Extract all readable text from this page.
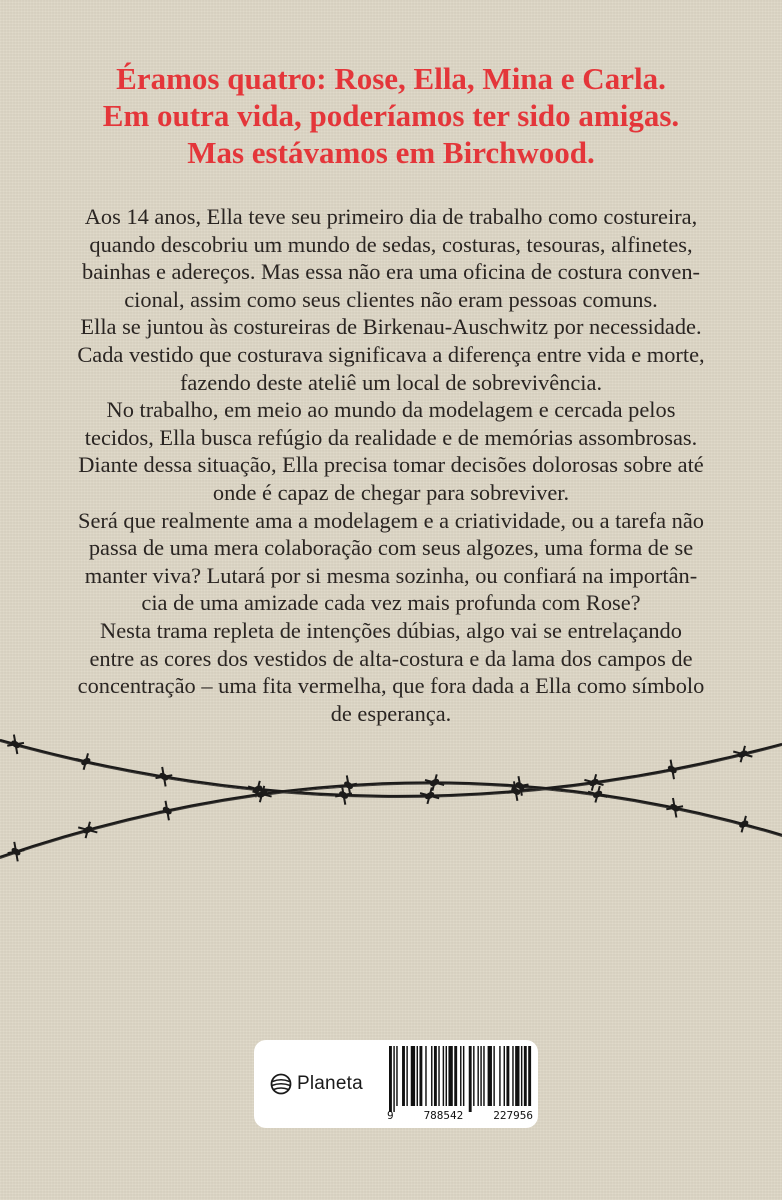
Éramos quatro: Rose, Ella, Mina e Carla.
Em outra vida, poderíamos ter sido amigas.
Mas estávamos em Birchwood.
Aos 14 anos, Ella teve seu primeiro dia de trabalho como costureira,
quando descobriu um mundo de sedas, costuras, tesouras, alfinetes,
bainhas e adereços. Mas essa não era uma oficina de costura conven-
cional, assim como seus clientes não eram pessoas comuns.
Ella se juntou às costureiras de Birkenau-Auschwitz por necessidade.
Cada vestido que costurava significava a diferença entre vida e morte,
fazendo deste ateliê um local de sobrevivência.
No trabalho, em meio ao mundo da modelagem e cercada pelos
tecidos, Ella busca refúgio da realidade e de memórias assombrosas.
Diante dessa situação, Ella precisa tomar decisões dolorosas sobre até
onde é capaz de chegar para sobreviver.
Será que realmente ama a modelagem e a criatividade, ou a tarefa não
passa de uma mera colaboração com seus algozes, uma forma de se
manter viva? Lutará por si mesma sozinha, ou confiará na importân-
cia de uma amizade cada vez mais profunda com Rose?
Nesta trama repleta de intenções dúbias, algo vai se entrelaçando
entre as cores dos vestidos de alta-costura e da lama dos campos de
concentração – uma fita vermelha, que fora dada a Ella como símbolo
de esperança.
Planeta
9	788542	227956
